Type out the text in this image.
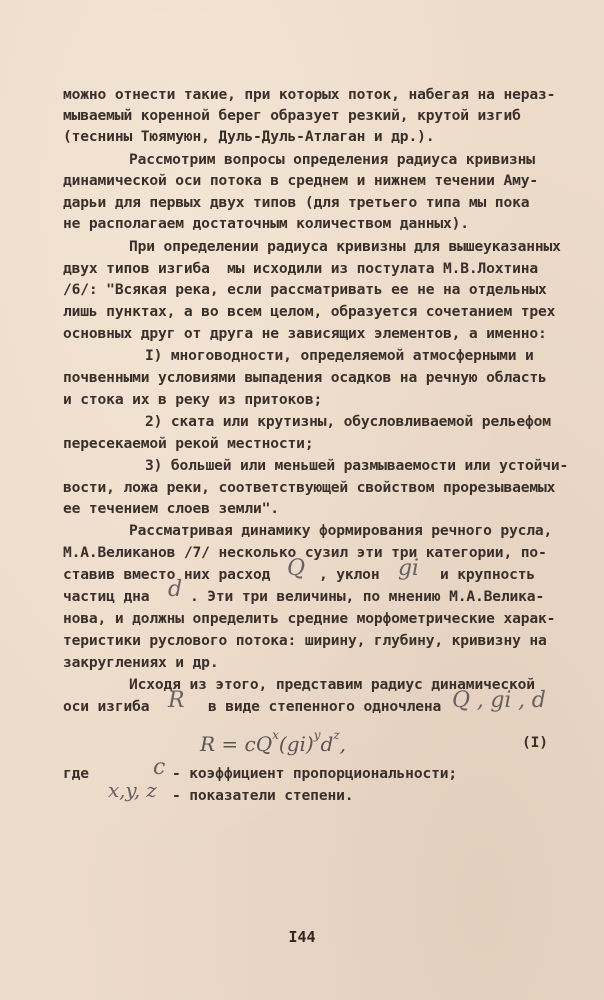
можно отнести такие, при которых поток, набегая на нераз-
мываемый коренной берег образует резкий, крутой изгиб
(теснины Тюямуюн, Дуль-Дуль-Атлаган и др.).
Рассмотрим вопросы определения радиуса кривизны
динамической оси потока в среднем и нижнем течении Аму-
дарьи для первых двух типов (для третьего типа мы пока
не располагаем достаточным количеством данных).
При определении радиуса кривизны для вышеуказанных
двух типов изгиба  мы исходили из постулата М.В.Лохтина
/6/: "Всякая река, если рассматривать ее не на отдельных
лишь пунктах, а во всем целом, образуется сочетанием трех
основных друг от друга не зависящих элементов, а именно:
I) многоводности, определяемой атмосферными и
почвенными условиями выпадения осадков на речную область
и стока их в реку из притоков;
2) ската или крутизны, обусловливаемой рельефом
пересекаемой рекой местности;
3) большей или меньшей размываемости или устойчи-
вости, ложа реки, соответствующей свойством прорезываемых
ее течением слоев земли".
Рассматривая динамику формирования речного русла,
М.А.Великанов /7/ несколько сузил эти три категории, по-
ставив вместо них расход Q , уклон gi и крупность
частиц дна d . Эти три величины, по мнению М.А.Велика-
нова, и должны определить средние морфометрические харак-
теристики руслового потока: ширину, глубину, кривизну на
закруглениях и др.
Исходя из этого, представим радиус динамической
оси изгиба R в виде степенного одночлена Q , gi , d
$R = cQ^x(gi)^yd^z$,	(I)
где	c - коэффициент пропорциональности;
x,y, z - показатели степени.
I44
